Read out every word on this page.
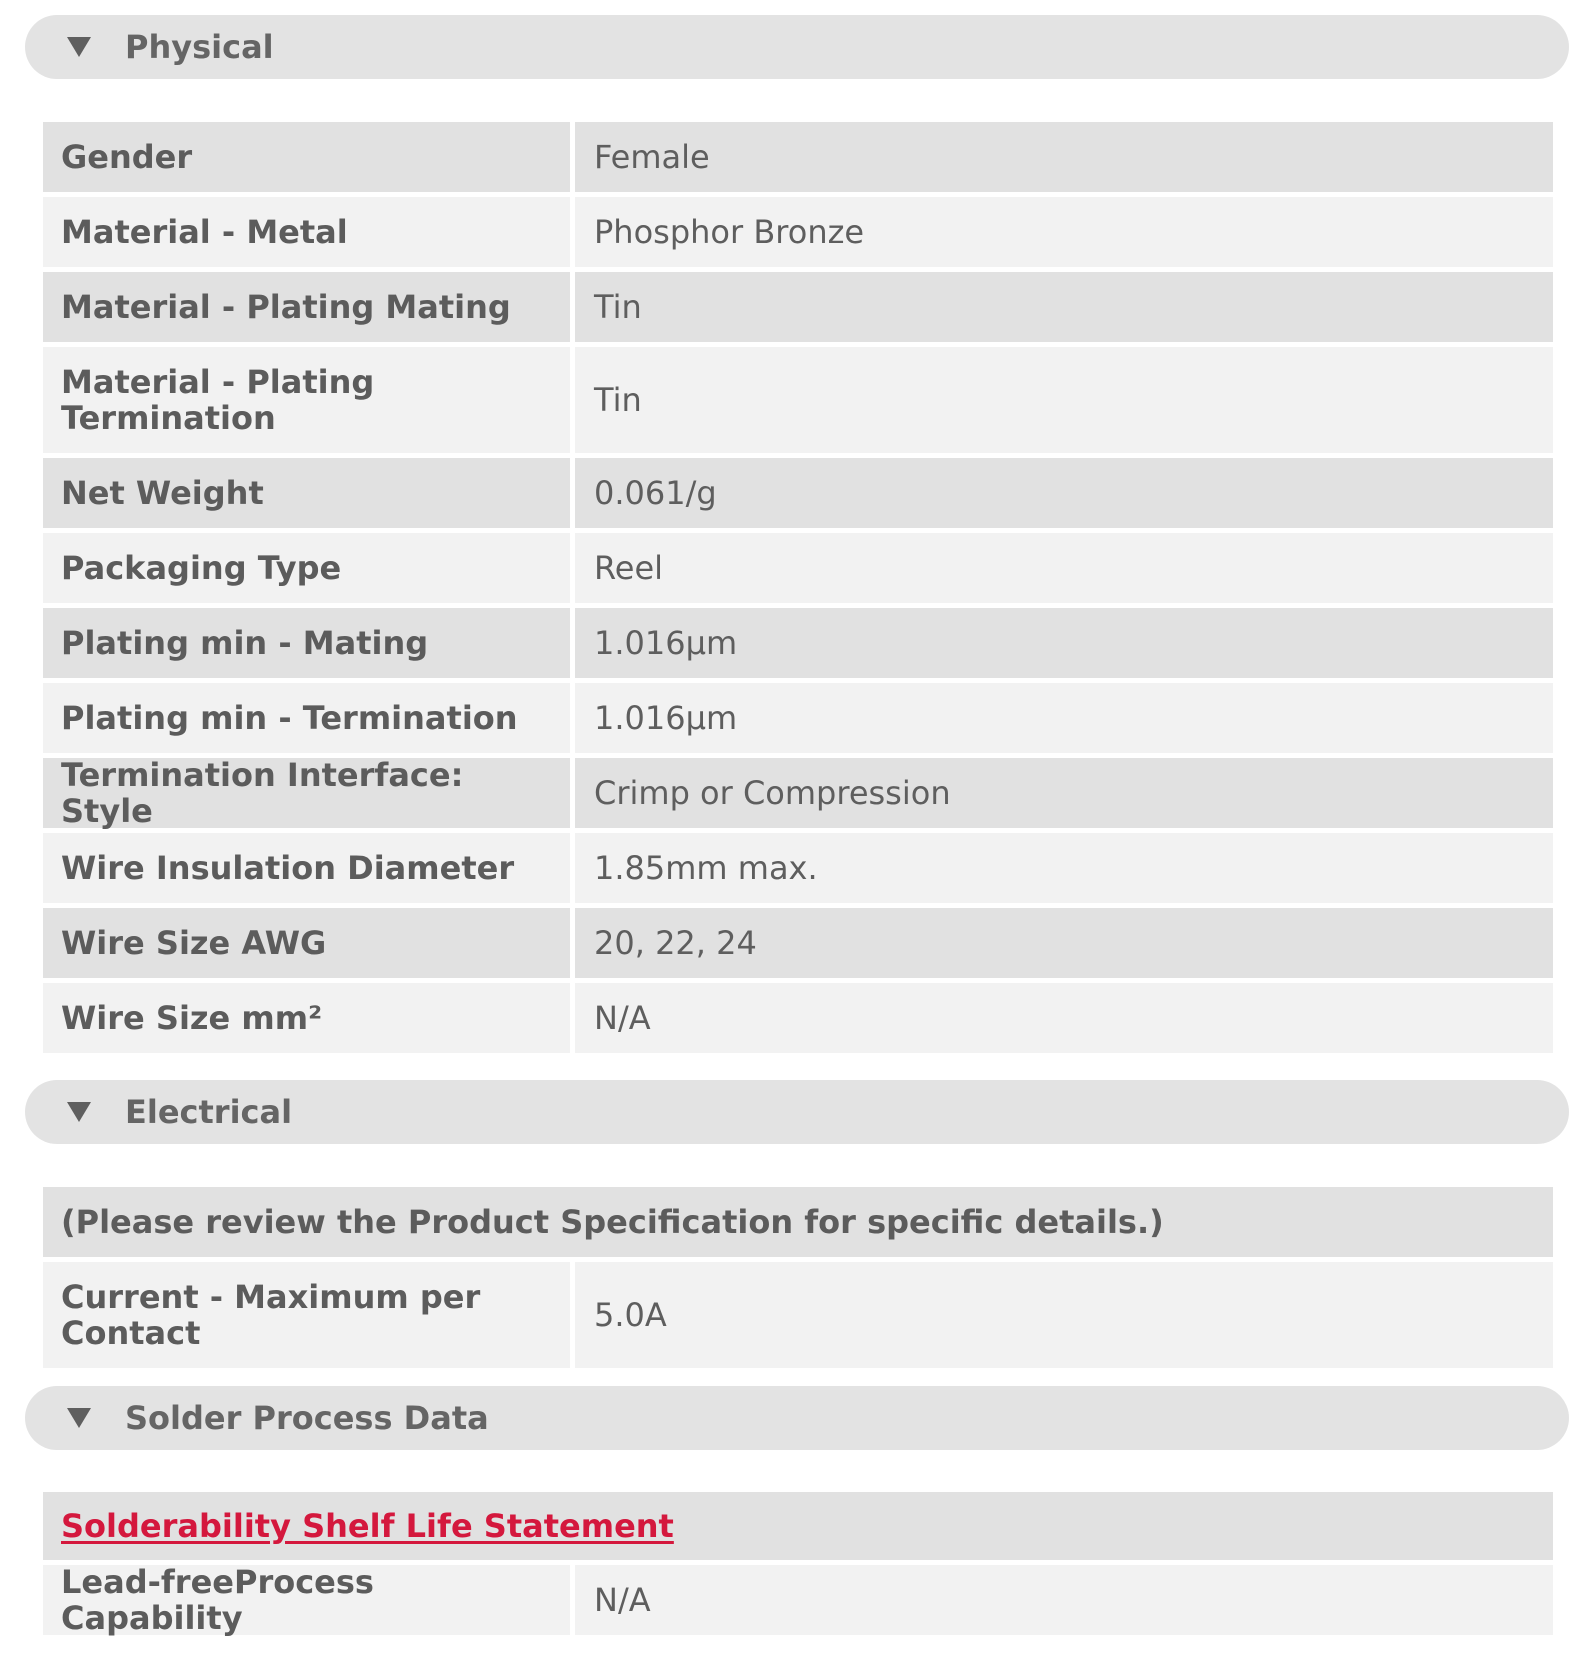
Physical
Gender	Female
Material - Metal	Phosphor Bronze
Material - Plating Mating	Tin
Material - Plating Termination	Tin
Net Weight	0.061/g
Packaging Type	Reel
Plating min - Mating	1.016µm
Plating min - Termination	1.016µm
Termination Interface: Style	Crimp or Compression
Wire Insulation Diameter	1.85mm max.
Wire Size AWG	20, 22, 24
Wire Size mm²	N/A
Electrical
(Please review the Product Specification for specific details.)
Current - Maximum per Contact	5.0A
Solder Process Data
Solderability Shelf Life Statement
Lead-freeProcess Capability	N/A
